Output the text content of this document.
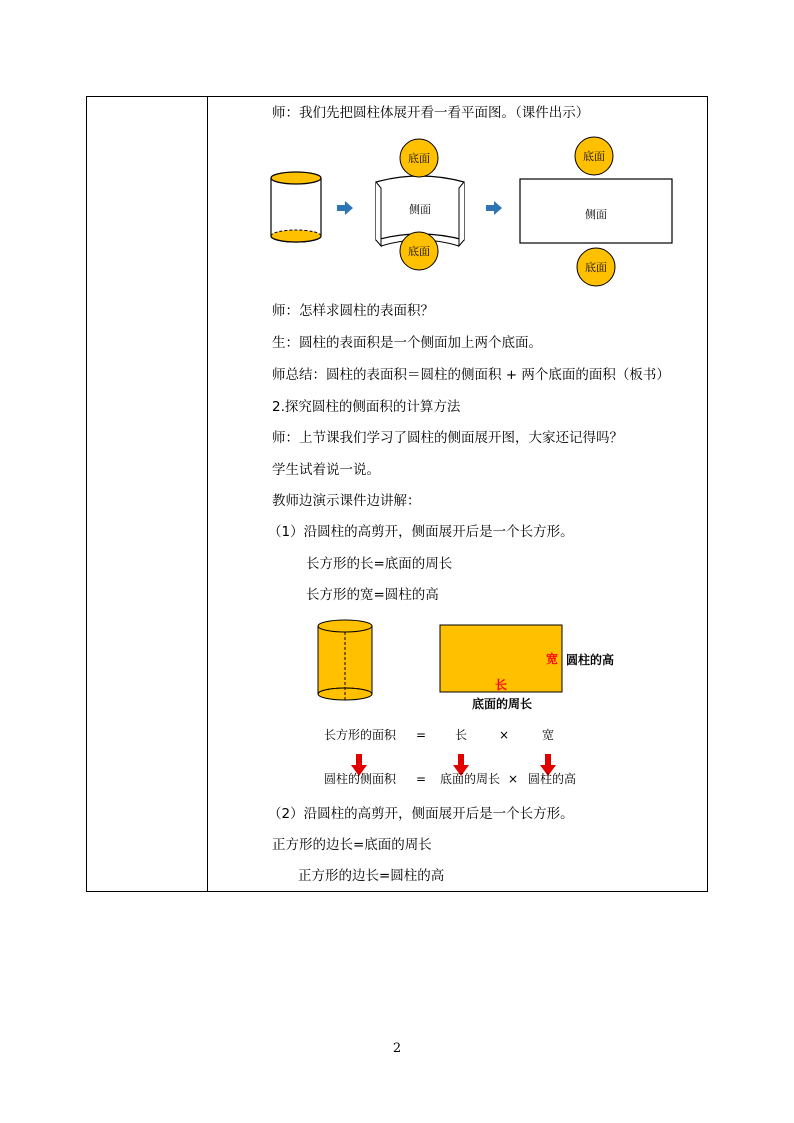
师：我们先把圆柱体展开看一看平面图。（课件出示）
侧面
底面
底面
侧面
底面
底面
师：怎样求圆柱的表面积？
生：圆柱的表面积是一个侧面加上两个底面。
师总结：圆柱的表面积＝圆柱的侧面积 + 两个底面的面积（板书）
2.探究圆柱的侧面积的计算方法
师：上节课我们学习了圆柱的侧面展开图，大家还记得吗？
学生试着说一说。
教师边演示课件边讲解：
（1）沿圆柱的高剪开，侧面展开后是一个长方形。
长方形的长=底面的周长
长方形的宽=圆柱的高
宽
长
圆柱的高
底面的周长
长方形的面积 = 长	×	宽
圆柱的侧面积 = 底面的周长 × 圆柱的高
（2）沿圆柱的高剪开，侧面展开后是一个长方形。
正方形的边长=底面的周长
正方形的边长=圆柱的高
2
